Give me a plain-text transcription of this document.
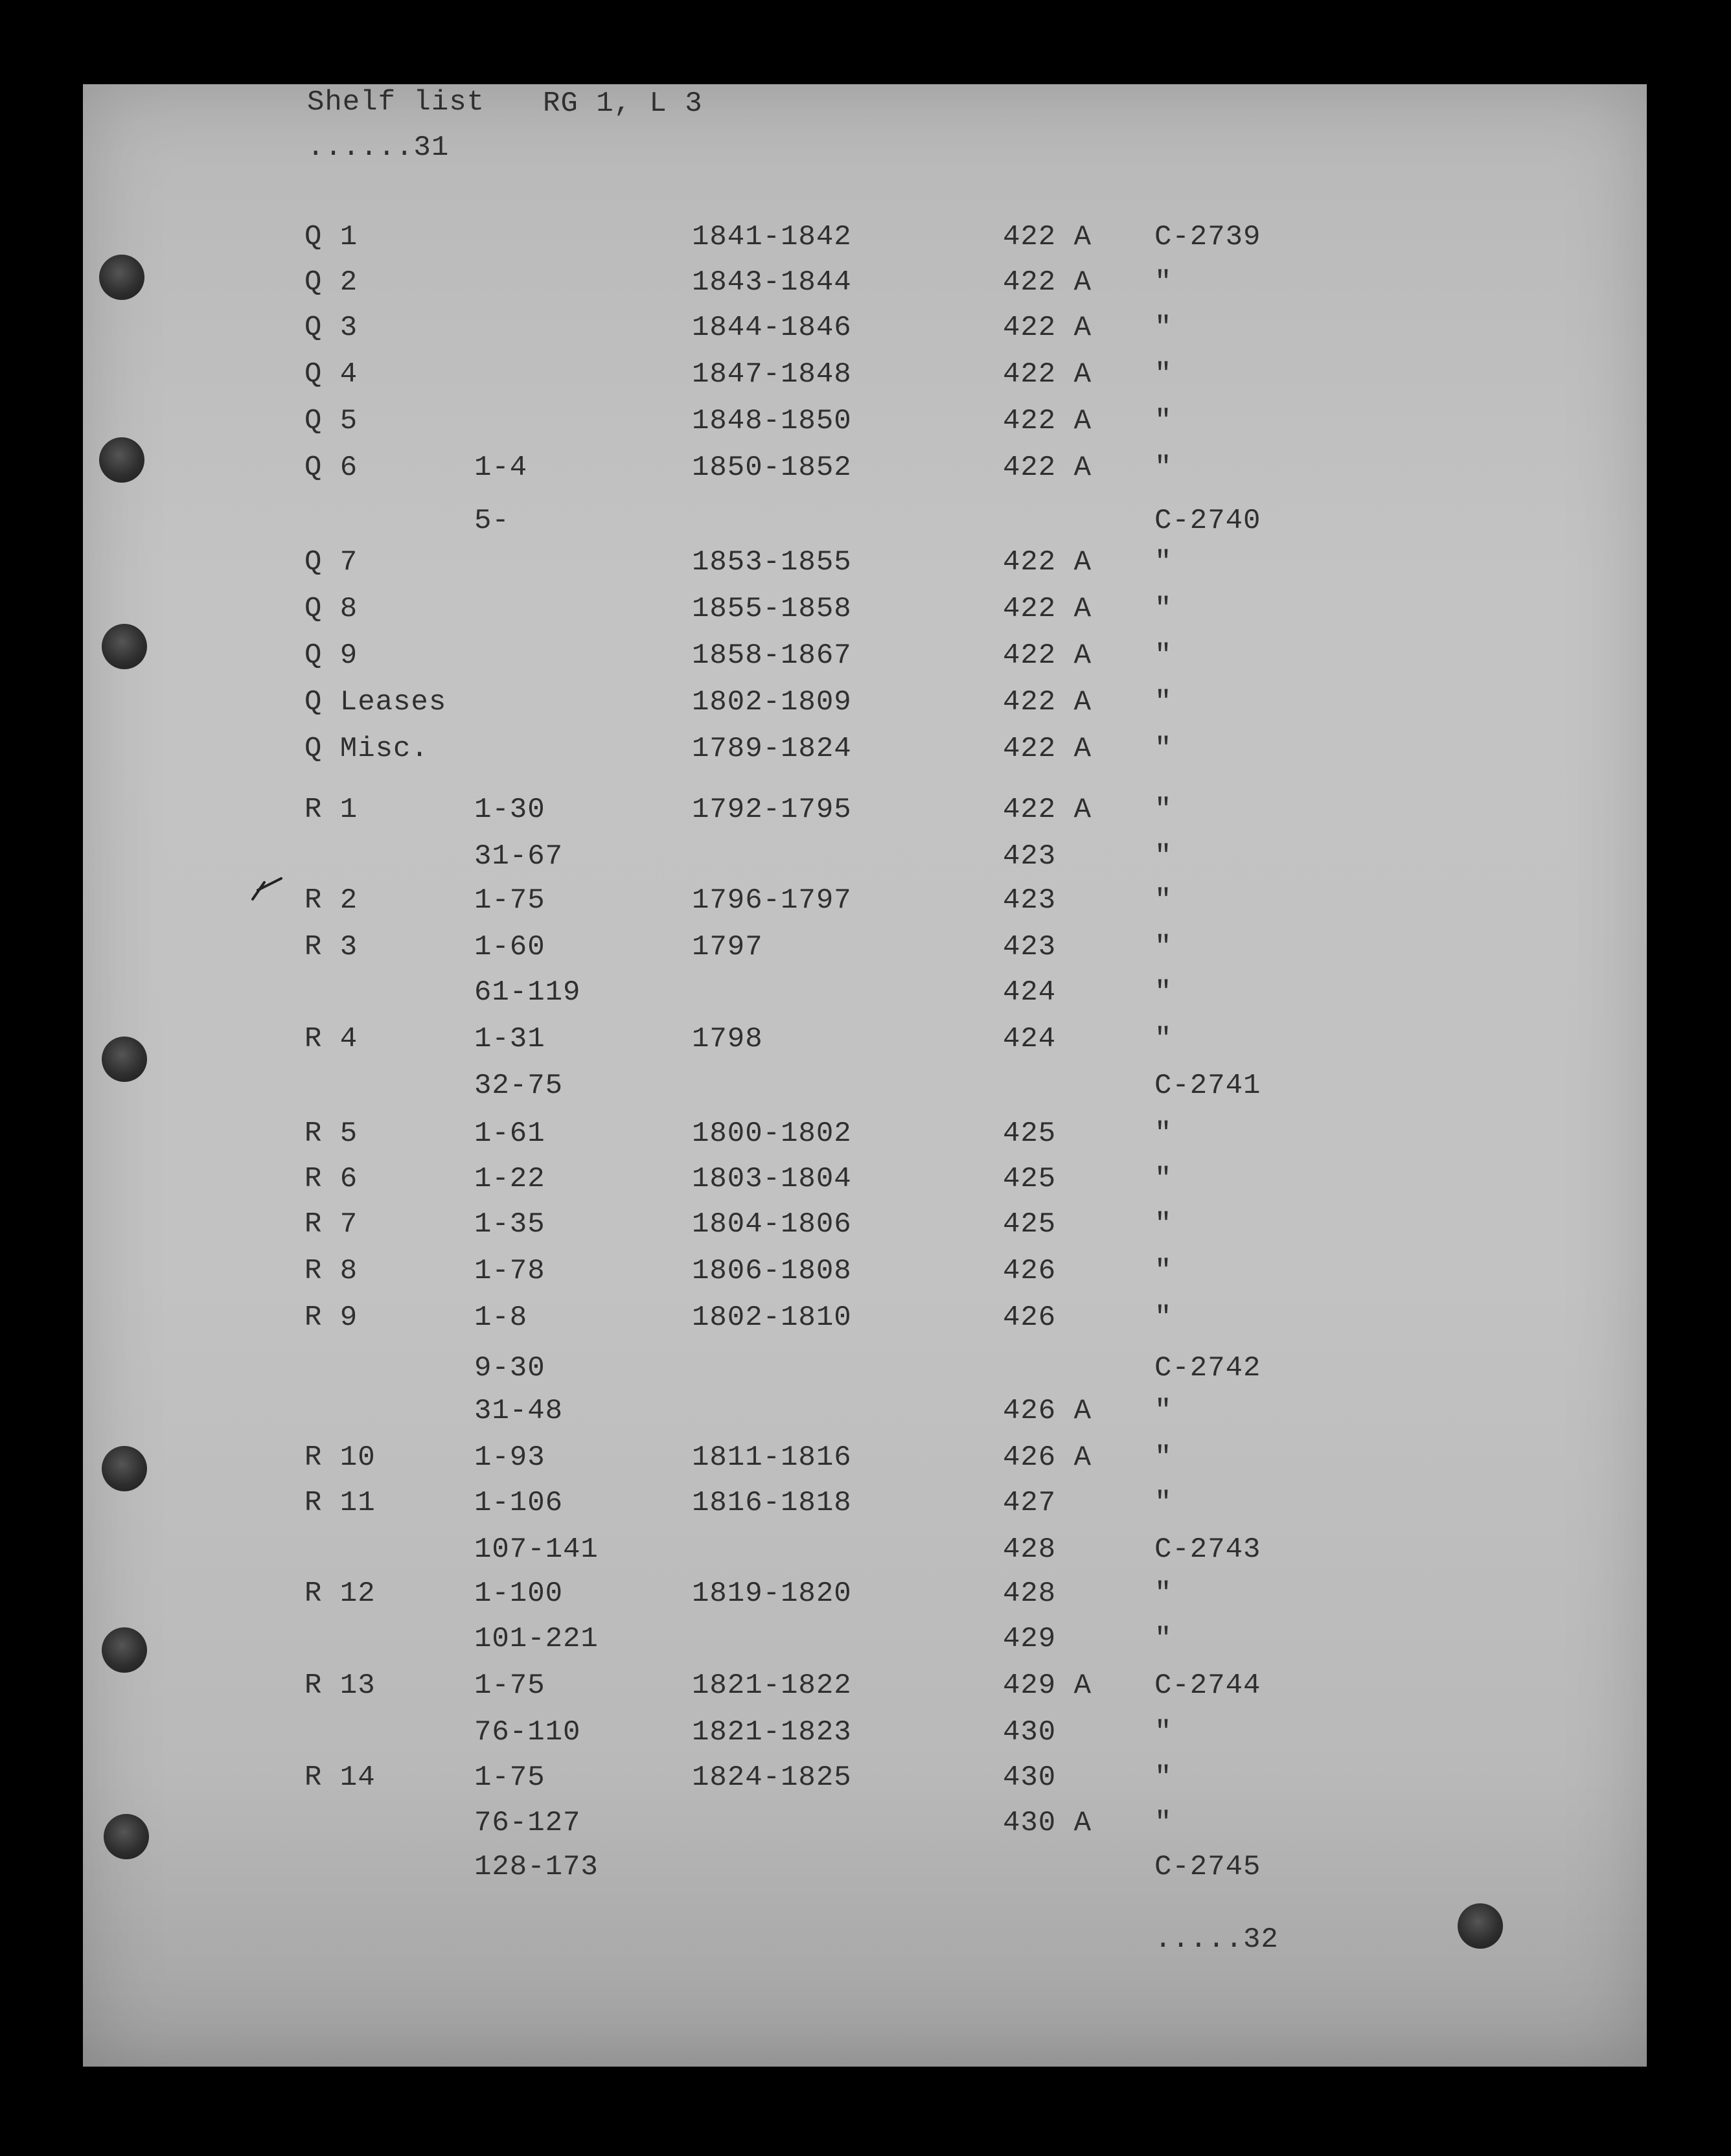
Shelf list RG 1, L 3
......31
Q 1	1841-1842	422 A C-2739
Q 2	1843-1844	422 A "
Q 3	1844-1846	422 A "
Q 4	1847-1848	422 A "
Q 5	1848-1850	422 A "
Q 6	1-4	1850-1852	422 A "
5-	C-2740
Q 7	1853-1855	422 A "
Q 8	1855-1858	422 A "
Q 9	1858-1867	422 A "
Q Leases	1802-1809	422 A "
Q Misc.	1789-1824	422 A "
R 1	1-30	1792-1795	422 A "
31-67	423	"
R 2	1-75	1796-1797	423	"
R 3	1-60	1797	423	"
61-119	424	"
R 4	1-31	1798	424	"
32-75	C-2741
R 5	1-61	1800-1802	425	"
R 6	1-22	1803-1804	425	"
R 7	1-35	1804-1806	425	"
R 8	1-78	1806-1808	426	"
R 9	1-8	1802-1810	426	"
9-30	C-2742
31-48	426 A "
R 10	1-93	1811-1816	426 A "
R 11	1-106	1816-1818	427	"
107-141	428	C-2743
R 12	1-100	1819-1820	428	"
101-221	429	"
R 13	1-75	1821-1822	429 A C-2744
76-110	1821-1823	430	"
R 14	1-75	1824-1825	430	"
76-127	430 A "
128-173	C-2745
.....32
